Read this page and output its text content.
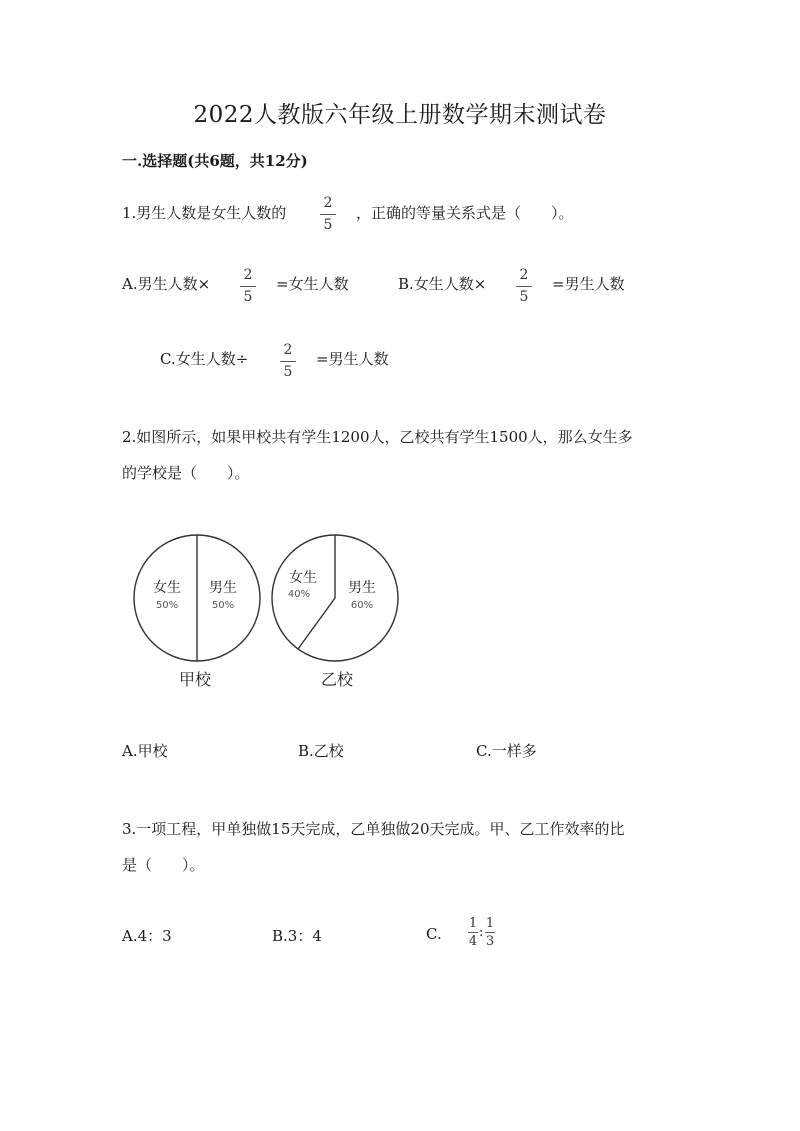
2022人教版六年级上册数学期末测试卷
一.选择题(共6题，共12分)
1.男生人数是女生人数的
2
5
，正确的等量关系式是（　　）。
A.男生人数×	2
5
=女生人数	B.女生人数×	2
5
=男生人数
C.女生人数÷	2
5
=男生人数
2.如图所示，如果甲校共有学生1200人，乙校共有学生1500人，那么女生多
的学校是（　　）。
女生
50%
男生
50%
甲校
女生
40%	男生
60%
乙校
A.甲校	B.乙校	C.一样多
3.一项工程，甲单独做15天完成，乙单独做20天完成。甲、乙工作效率的比
是（　　）。
A.4：3	B.3：4	C.
1
4
:
1
3
